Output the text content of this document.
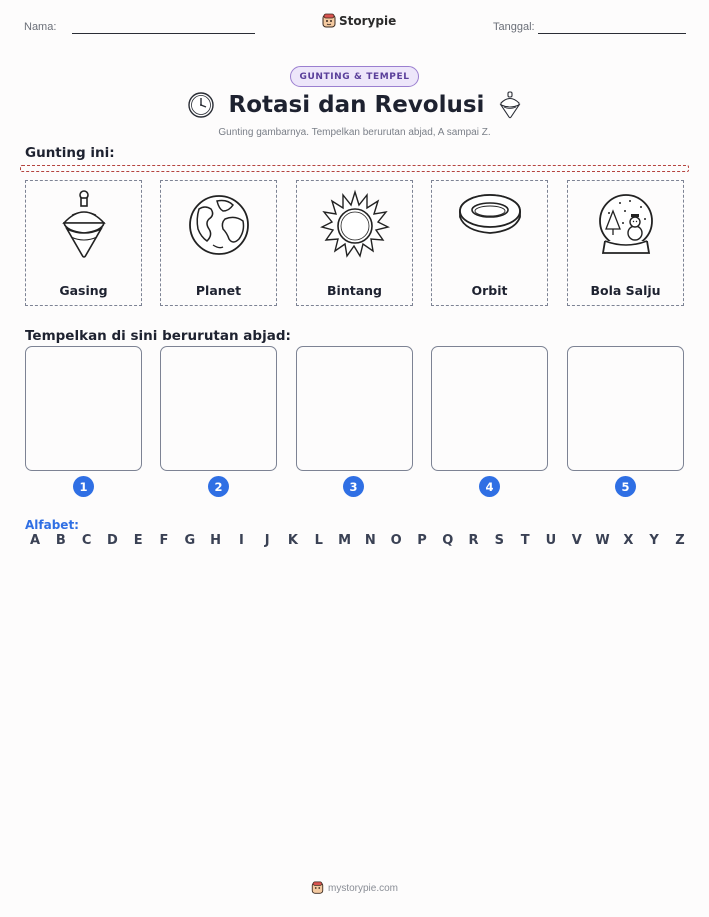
Nama:	Storypie	Tanggal:
GUNTING & TEMPEL
Rotasi dan Revolusi
Gunting gambarnya. Tempelkan berurutan abjad, A sampai Z.
Gunting ini:
Gasing	Planet	Bintang	Orbit	Bola Salju
Tempelkan di sini berurutan abjad:
1	2	3	4	5
Alfabet:
A	B	C	D	E	F	G	H	I	J	K	L	M	N	O	P	Q	R	S	T	U	V	W	X	Y	Z
mystorypie.com
